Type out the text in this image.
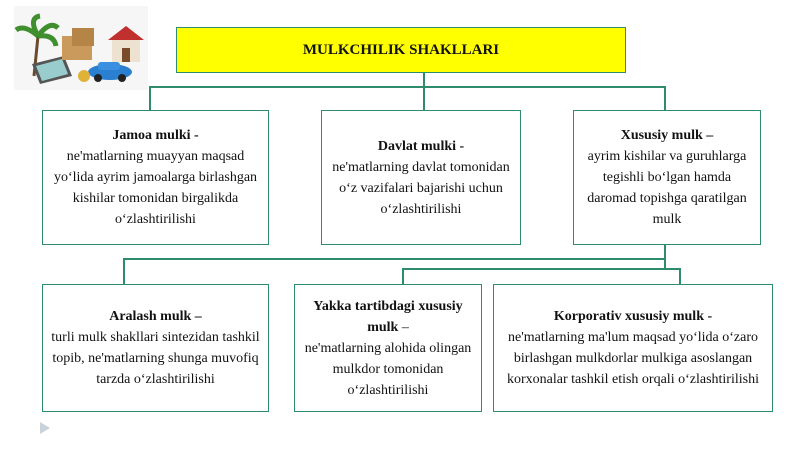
MULKCHILIK SHAKLLARI
Jamoa mulki -
ne'matlarning muayyan maqsad yo‘lida ayrim jamoalarga birlashgan kishilar tomonidan birgalikda o‘zlashtirilishi
Davlat mulki -
ne'matlarning davlat tomonidan o‘z vazifalari bajarishi uchun o‘zlashtirilishi
Xususiy mulk –
ayrim kishilar va guruhlarga tegishli bo‘lgan hamda daromad topishga qaratilgan mulk
Aralash mulk –
turli mulk shakllari sintezidan tashkil topib, ne'matlarning shunga muvofiq tarzda o‘zlashtirilishi
Yakka tartibdagi xususiy mulk –
ne'matlarning alohida olingan mulkdor tomonidan o‘zlashtirilishi
Korporativ xususiy mulk -
ne'matlarning ma'lum maqsad yo‘lida o‘zaro birlashgan mulkdorlar mulkiga asoslangan korxonalar tashkil etish orqali o‘zlashtirilishi
